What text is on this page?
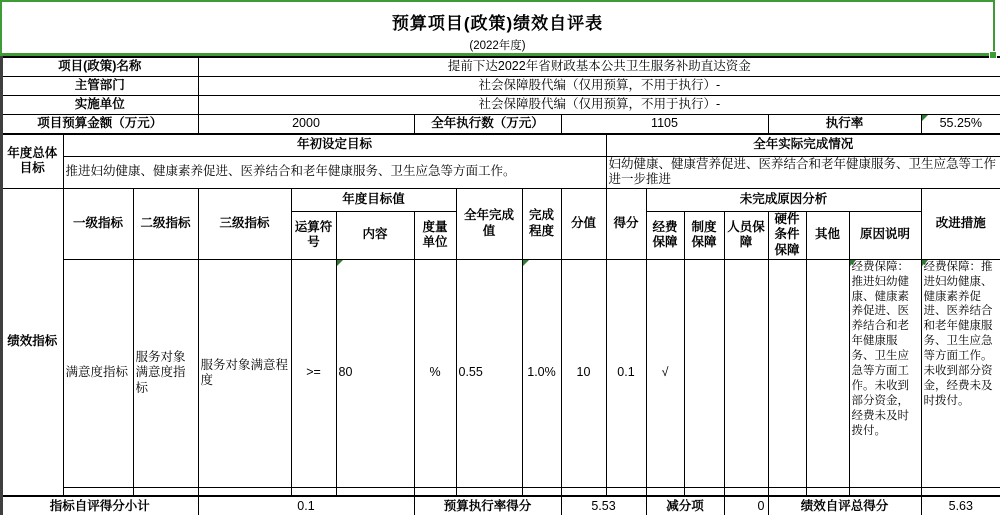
预算项目(政策)绩效自评表
(2022年度)
项目(政策)名称			提前下达2022年省财政基本公共卫生服务补助直达资金														
主管部门			社会保障股代编（仅用预算，不用于执行）-														
实施单位			社会保障股代编（仅用预算，不用于执行）-														
项目预算金额（万元）			2000			全年执行数（万元）			1105					执行率			55.25%
年度总体目标	年初设定目标									全年实际完成情况							
	推进妇幼健康、健康素养促进、医养结合和老年健康服务、卫生应急等方面工作。									妇幼健康、健康营养促进、医养结合和老年健康服务、卫生应急等工作进一步推进							
绩效指标	一级指标	二级指标	三级指标	年度目标值			全年完成值	完成程度	分值	得分	未完成原因分析						改进措施
				运算符号	内容	度量单位					经费保障	制度保障	人员保障	硬件条件保障	其他	原因说明	
	满意度指标	服务对象满意度指标	服务对象满意程度	>=	80	%	0.55	1.0%	10	0.1	√					经费保障：推进妇幼健康、健康素养促进、医养结合和老年健康服务、卫生应急等方面工作。未收到部分资金，经费未及时拨付。	经费保障：推进妇幼健康、健康素养促进、医养结合和老年健康服务、卫生应急等方面工作。未收到部分资金，经费未及时拨付。

指标自评得分小计			0.1			预算执行率得分			5.53		减分项		0	绩效自评总得分			5.63
